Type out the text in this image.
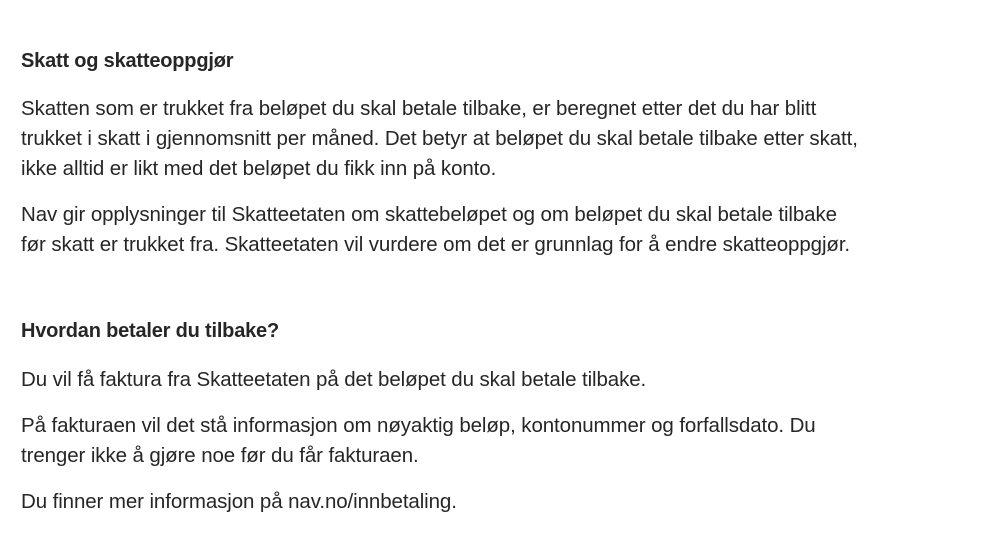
Skatt og skatteoppgjør

Skatten som er trukket fra beløpet du skal betale tilbake, er beregnet etter det du har blitt
trukket i skatt i gjennomsnitt per måned. Det betyr at beløpet du skal betale tilbake etter skatt,
ikke alltid er likt med det beløpet du fikk inn på konto.

Nav gir opplysninger til Skatteetaten om skattebeløpet og om beløpet du skal betale tilbake
før skatt er trukket fra. Skatteetaten vil vurdere om det er grunnlag for å endre skatteoppgjør.

Hvordan betaler du tilbake?

Du vil få faktura fra Skatteetaten på det beløpet du skal betale tilbake.

På fakturaen vil det stå informasjon om nøyaktig beløp, kontonummer og forfallsdato. Du
trenger ikke å gjøre noe før du får fakturaen.

Du finner mer informasjon på nav.no/innbetaling.
